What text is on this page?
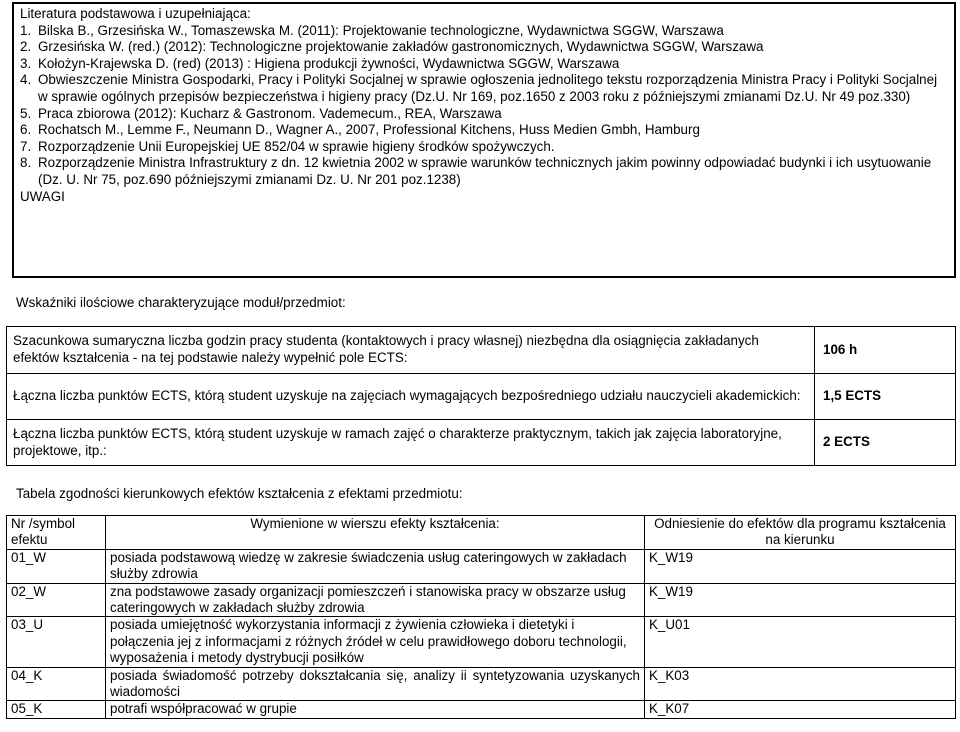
Literatura podstawowa i uzupełniająca:

1. Bilska B., Grzesińska W., Tomaszewska M. (2011): Projektowanie technologiczne, Wydawnictwa SGGW, Warszawa
2. Grzesińska W. (red.) (2012): Technologiczne projektowanie zakładów gastronomicznych, Wydawnictwa SGGW, Warszawa
3. Kołożyn-Krajewska D. (red) (2013) : Higiena produkcji żywności, Wydawnictwa SGGW, Warszawa
4. Obwieszczenie Ministra Gospodarki, Pracy i Polityki Socjalnej w sprawie ogłoszenia jednolitego tekstu rozporządzenia Ministra Pracy i Polityki Socjalnej w sprawie ogólnych przepisów bezpieczeństwa i higieny pracy (Dz.U. Nr 169, poz.1650 z 2003 roku z późniejszymi zmianami Dz.U. Nr 49 poz.330)
5. Praca zbiorowa (2012): Kucharz & Gastronom. Vademecum., REA, Warszawa
6. Rochatsch M., Lemme F., Neumann D., Wagner A., 2007, Professional Kitchens, Huss Medien Gmbh, Hamburg
7. Rozporządzenie Unii Europejskiej UE 852/04 w sprawie higieny środków spożywczych.
8. Rozporządzenie Ministra Infrastruktury z dn. 12 kwietnia 2002 w sprawie warunków technicznych jakim powinny odpowiadać budynki i ich usytuowanie (Dz. U. Nr 75, poz.690 późniejszymi zmianami Dz. U. Nr 201 poz.1238)
UWAGI
Wskaźniki ilościowe charakteryzujące moduł/przedmiot:
Szacunkowa sumaryczna liczba godzin pracy studenta (kontaktowych i pracy własnej) niezbędna dla osiągnięcia zakładanych efektów kształcenia - na tej podstawie należy wypełnić pole ECTS:	106 h
Łączna liczba punktów ECTS, którą student uzyskuje na zajęciach wymagających bezpośredniego udziału nauczycieli akademickich:	1,5 ECTS
Łączna liczba punktów ECTS, którą student uzyskuje w ramach zajęć o charakterze praktycznym, takich jak zajęcia laboratoryjne, projektowe, itp.:	2 ECTS
Tabela zgodności kierunkowych efektów kształcenia z efektami przedmiotu:
Nr /symbol efektu	Wymienione w wierszu efekty kształcenia:	Odniesienie do efektów dla programu kształcenia na kierunku
01_W	posiada podstawową wiedzę w zakresie świadczenia usług cateringowych w zakładach służby zdrowia	K_W19
02_W	zna podstawowe zasady organizacji pomieszczeń i stanowiska pracy w obszarze usług cateringowych w zakładach służby zdrowia	K_W19
03_U	posiada umiejętność wykorzystania informacji z żywienia człowieka i dietetyki i połączenia jej z informacjami z różnych źródeł w celu prawidłowego doboru technologii, wyposażenia i metody dystrybucji posiłków	K_U01
04_K	posiada świadomość potrzeby dokształcania się, analizy ii syntetyzowania uzyskanych wiadomości	K_K03
05_K	potrafi współpracować w grupie	K_K07
